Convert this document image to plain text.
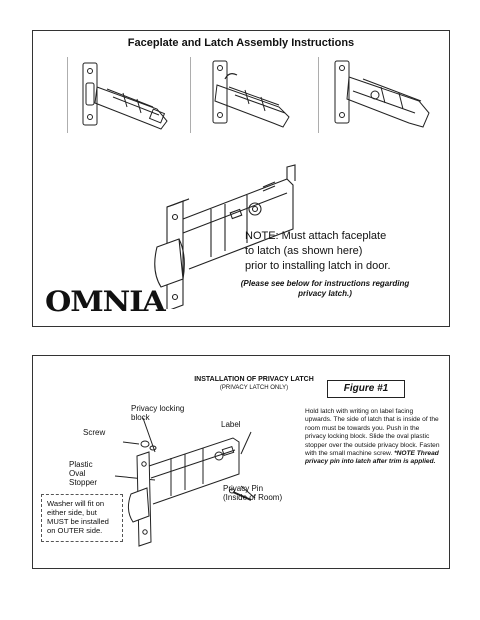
Faceplate and Latch Assembly Instructions
NOTE: Must attach faceplate
to latch (as shown here)
prior to installing latch in door.
(Please see below for instructions regarding privacy latch.)
OMNIA
INSTALLATION OF PRIVACY LATCH
(PRIVACY LATCH ONLY)	Figure #1
Hold latch with writing on label facing upwards. The side of latch that is inside of the room must be towards you. Push in the privacy locking block. Slide the oval plastic stopper over the outside privacy block. Fasten with the small machine screw. *NOTE Thread privacy pin into latch after trim is applied.
Privacy locking
block
Label
Screw
Plastic
Oval
Stopper
Privacy Pin
(Inside of Room)
Washer will fit on either side, but MUST be installed on OUTER side.
